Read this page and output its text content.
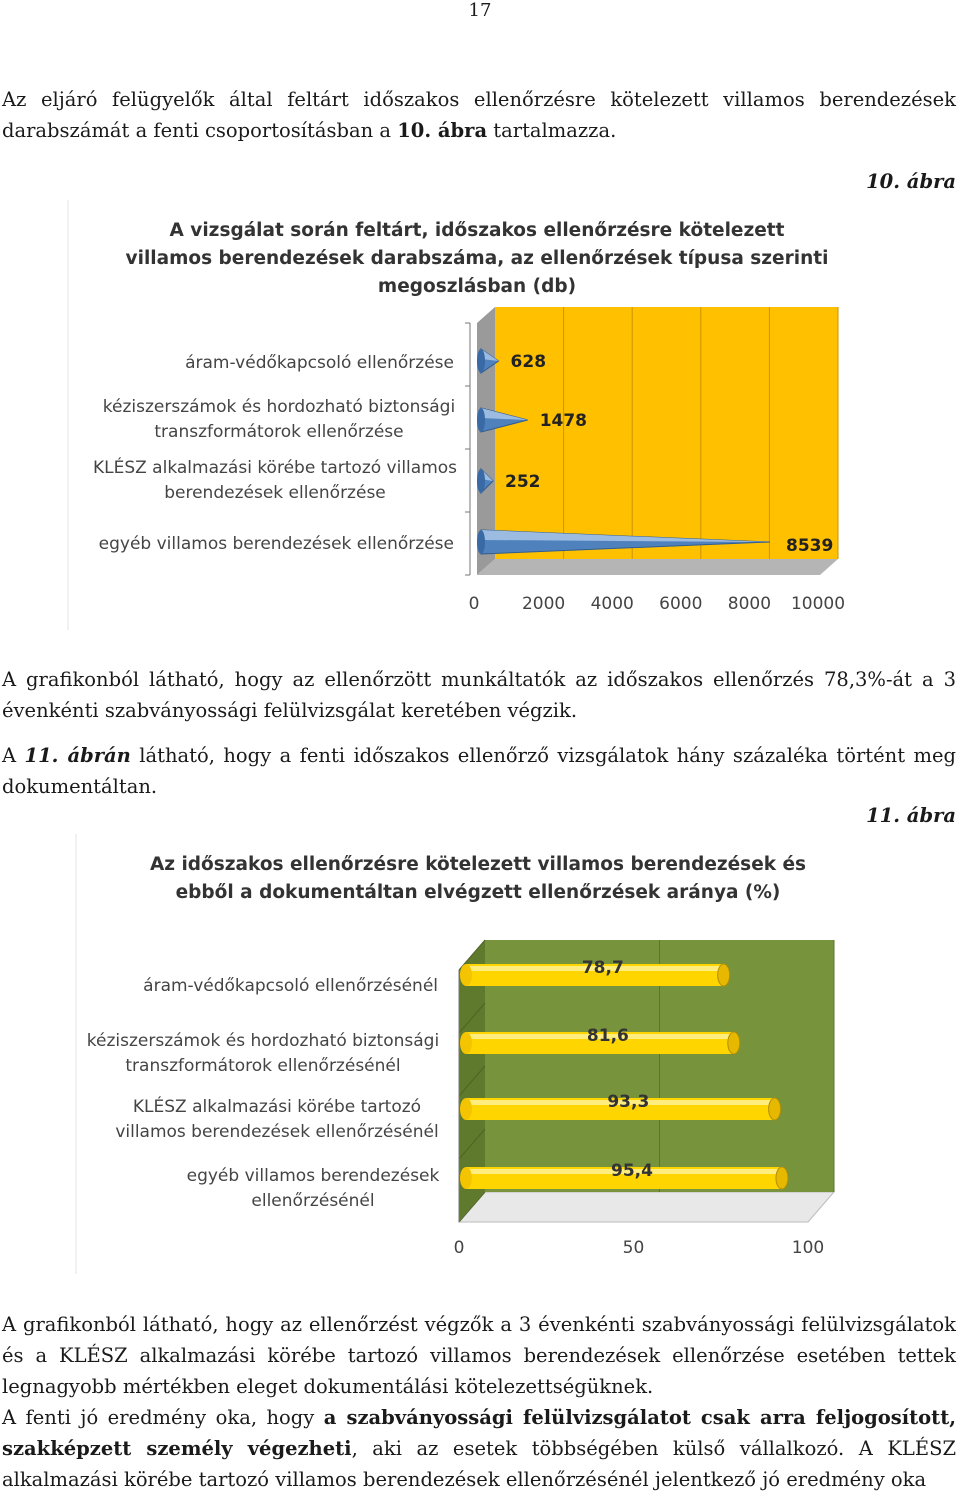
17
Az eljáró felügyelők által feltárt időszakos ellenőrzésre kötelezett villamos berendezések darabszámát a fenti csoportosításban a 10. ábra tartalmazza.
10. ábra
A vizsgálat során feltárt, időszakos ellenőrzésre kötelezett
villamos berendezések darabszáma, az ellenőrzések típusa szerinti
megoszlásban (db)
0	2000 4000 6000 8000 10000
628
áram-védőkapcsoló ellenőrzése
1478
kéziszerszámok és hordozható biztonsági
transzformátorok ellenőrzése
252
KLÉSZ alkalmazási körébe tartozó villamos
berendezések ellenőrzése
8539
egyéb villamos berendezések ellenőrzése
A grafikonból látható, hogy az ellenőrzött munkáltatók az időszakos ellenőrzés 78,3%-át a 3 évenkénti szabványossági felülvizsgálat keretében végzik.
A 11. ábrán látható, hogy a fenti időszakos ellenőrző vizsgálatok hány százaléka történt meg dokumentáltan.
11. ábra
Az időszakos ellenőrzésre kötelezett villamos berendezések és
ebből a dokumentáltan elvégzett ellenőrzések aránya (%)
0	50	100
78,7
áram-védőkapcsoló ellenőrzésénél
81,6
kéziszerszámok és hordozható biztonsági
transzformátorok ellenőrzésénél
93,3
KLÉSZ alkalmazási körébe tartozó
villamos berendezések ellenőrzésénél
95,4
egyéb villamos berendezések
ellenőrzésénél
A grafikonból látható, hogy az ellenőrzést végzők a 3 évenkénti szabványossági felülvizsgálatok és a KLÉSZ alkalmazási körébe tartozó villamos berendezések ellenőrzése esetében tettek legnagyobb mértékben eleget dokumentálási kötelezettségüknek.
A fenti jó eredmény oka, hogy a szabványossági felülvizsgálatot csak arra feljogosított, szakképzett személy végezheti, aki az esetek többségében külső vállalkozó. A KLÉSZ alkalmazási körébe tartozó villamos berendezések ellenőrzésénél jelentkező jó eredmény oka
